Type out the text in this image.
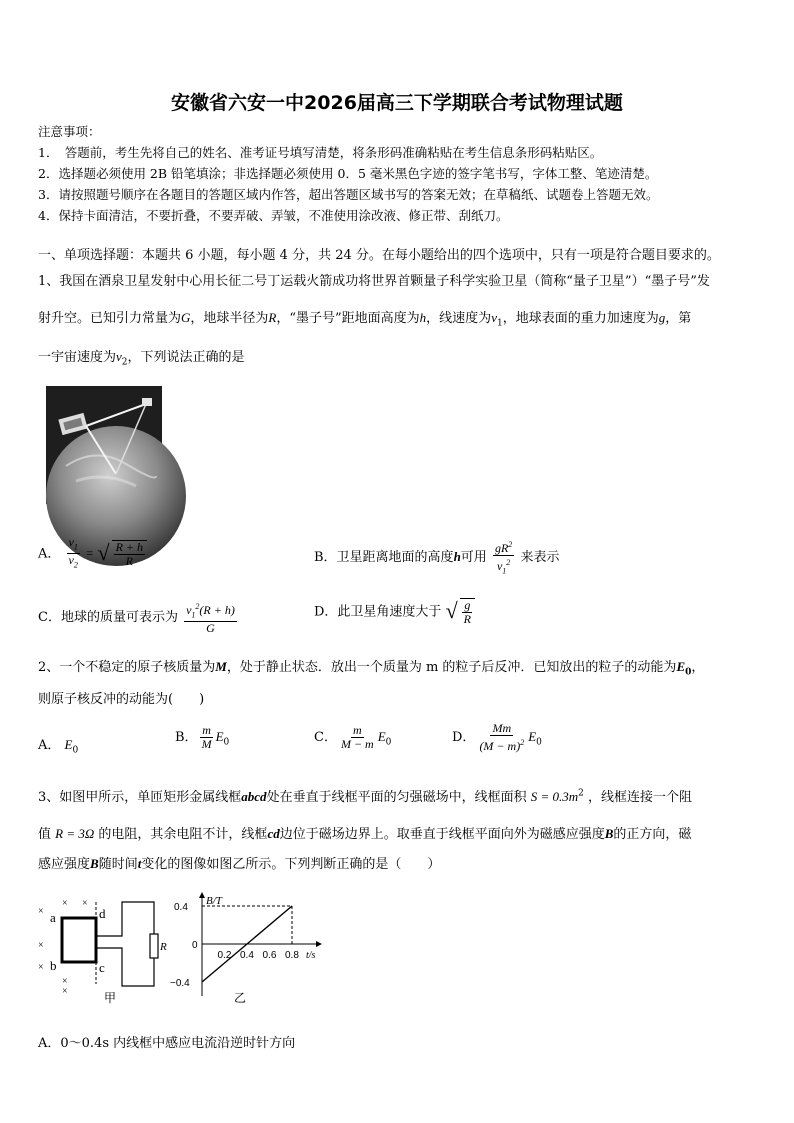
安徽省六安一中2026届高三下学期联合考试物理试题
注意事项：
1．　答题前，考生先将自己的姓名、准考证号填写清楚，将条形码准确粘贴在考生信息条形码粘贴区。
2．选择题必须使用 2B 铅笔填涂；非选择题必须使用 0．5 毫米黑色字迹的签字笔书写，字体工整、笔迹清楚。
3．请按照题号顺序在各题目的答题区域内作答，超出答题区域书写的答案无效；在草稿纸、试题卷上答题无效。
4．保持卡面清洁，不要折叠，不要弄破、弄皱，不准使用涂改液、修正带、刮纸刀。
一、单项选择题：本题共 6 小题，每小题 4 分，共 24 分。在每小题给出的四个选项中，只有一项是符合题目要求的。
1、我国在酒泉卫星发射中心用长征二号丁运载火箭成功将世界首颗量子科学实验卫星（简称“量子卫星”）“墨子号”发
射升空。已知引力常量为G，地球半径为R，“墨子号”距地面高度为h，线速度为$v_1$，地球表面的重力加速度为g，第
一宇宙速度为$v_2$，下列说法正确的是
A． $\frac{v_1}{v_2}$ = √ $\frac{R + h}{R}$	B．卫星距离地面的高度h可用 $\frac{gR^2}{v_1^2}$ 来表示
C．地球的质量可表示为 $\frac{v_1^2(R + h)}{G}$	D．此卫星角速度大于 √ $\frac{g}{R}$
2、一个不稳定的原子核质量为M，处于静止状态．放出一个质量为 m 的粒子后反冲．已知放出的粒子的动能为$E_0$，
则原子核反冲的动能为(　　)
A． $E_0$
B． $\frac{m}{M} E_0$	C． $\frac{m}{M - m} E_0$	D． $\frac{Mm}{(M - m)^2} E_0$
3、如图甲所示，单匝矩形金属线框abcd处在垂直于线框平面的匀强磁场中，线框面积 $S = 0.3m^2$ ，线框连接一个阻
值 R = 3Ω 的电阻，其余电阻不计，线框cd边位于磁场边界上。取垂直于线框平面向外为磁感应强度B的正方向，磁
感应强度B随时间t变化的图像如图乙所示。下列判断正确的是（　　）
×
×
×
×
×
×
×
a
b
d
c
R
甲
B/T
t/s
0.2 0.4 0.6 0.8
0.4
0
−0.4
乙
A．0～0.4s 内线框中感应电流沿逆时针方向
